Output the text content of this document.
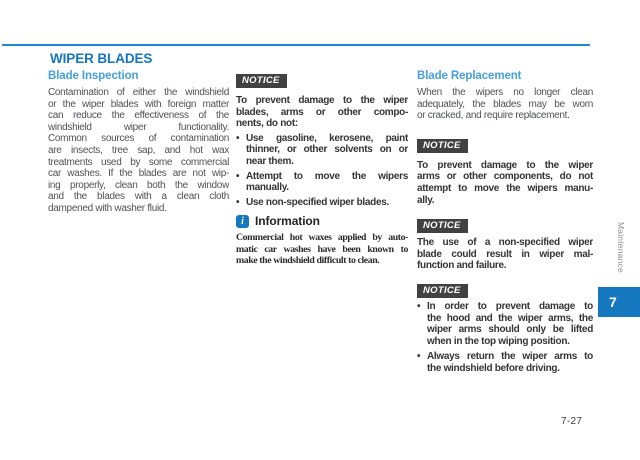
WIPER BLADES
Blade Inspection
Contamination of either the windshield
or the wiper blades with foreign matter
can reduce the effectiveness of the
windshield wiper functionality.
Common sources of contamination
are insects, tree sap, and hot wax
treatments used by some commercial
car washes. If the blades are not wip-
ing properly, clean both the window
and the blades with a clean cloth
dampened with washer fluid.
NOTICE
To prevent damage to the wiper
blades, arms or other compo-
nents, do not:
• Use gasoline, kerosene, paint
thinner, or other solvents on or
near them.
• Attempt to move the wipers
manually.
• Use non-specified wiper blades.
i Information
Commercial hot waxes applied by auto-
matic car washes have been known to
make the windshield difficult to clean.
Blade Replacement
When the wipers no longer clean
adequately, the blades may be worn
or cracked, and require replacement.
NOTICE
To prevent damage to the wiper
arms or other components, do not
attempt to move the wipers manu-
ally.
NOTICE
The use of a non-specified wiper
blade could result in wiper mal-
function and failure.
NOTICE
• In order to prevent damage to
the hood and the wiper arms, the
wiper arms should only be lifted
when in the top wiping position.
• Always return the wiper arms to
the windshield before driving.
Maintenance
7
7-27
